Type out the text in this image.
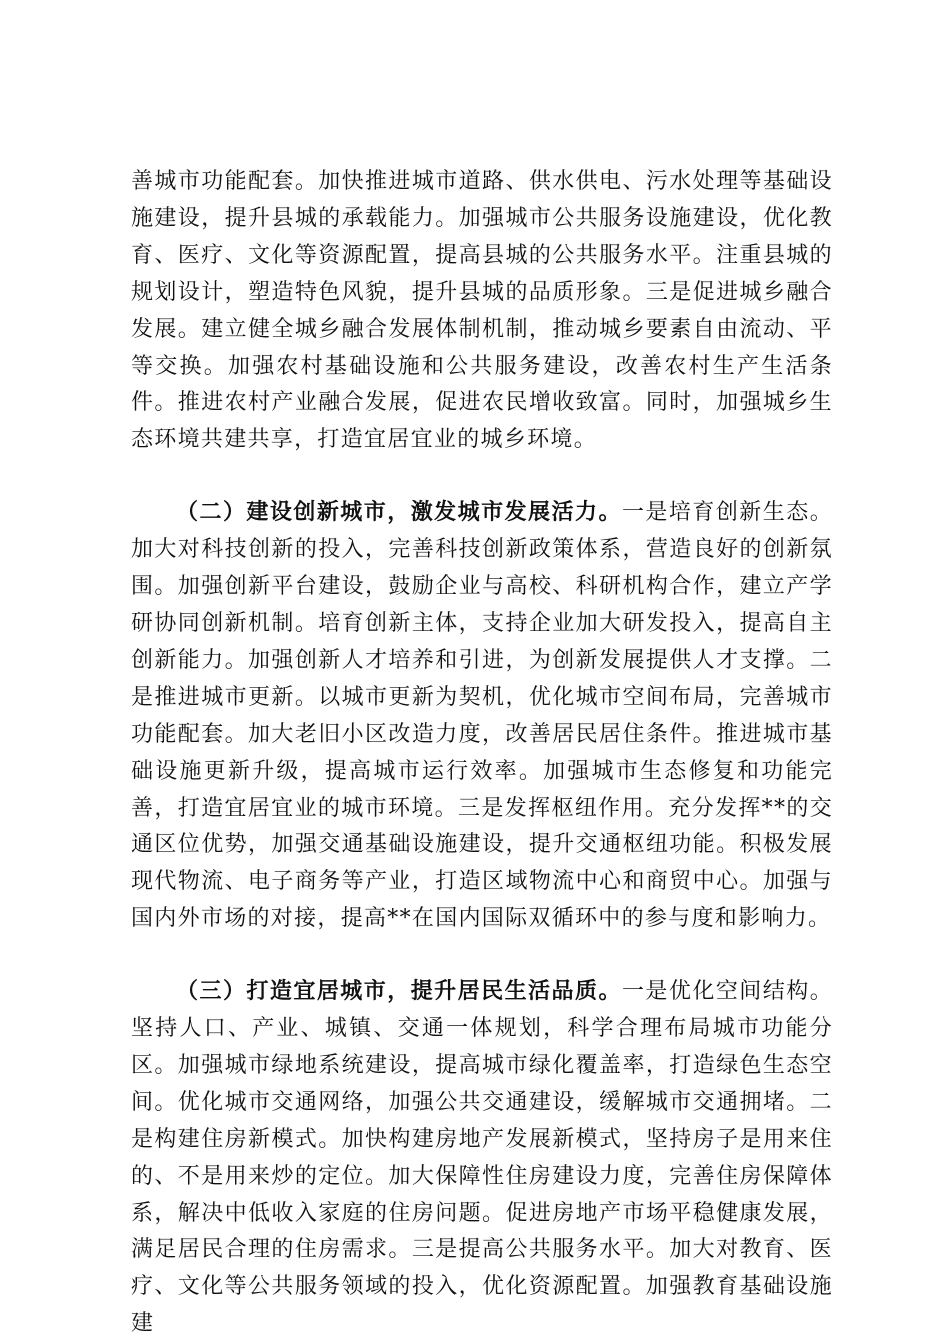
善城市功能配套。加快推进城市道路、供水供电、污水处理等基础设施建设，提升县城的承载能力。加强城市公共服务设施建设，优化教育、医疗、文化等资源配置，提高县城的公共服务水平。注重县城的规划设计，塑造特色风貌，提升县城的品质形象。三是促进城乡融合发展。建立健全城乡融合发展体制机制，推动城乡要素自由流动、平等交换。加强农村基础设施和公共服务建设，改善农村生产生活条件。推进农村产业融合发展，促进农民增收致富。同时，加强城乡生态环境共建共享，打造宜居宜业的城乡环境。

（二）建设创新城市，激发城市发展活力。一是培育创新生态。加大对科技创新的投入，完善科技创新政策体系，营造良好的创新氛围。加强创新平台建设，鼓励企业与高校、科研机构合作，建立产学研协同创新机制。培育创新主体，支持企业加大研发投入，提高自主创新能力。加强创新人才培养和引进，为创新发展提供人才支撑。二是推进城市更新。以城市更新为契机，优化城市空间布局，完善城市功能配套。加大老旧小区改造力度，改善居民居住条件。推进城市基础设施更新升级，提高城市运行效率。加强城市生态修复和功能完善，打造宜居宜业的城市环境。三是发挥枢纽作用。充分发挥**的交通区位优势，加强交通基础设施建设，提升交通枢纽功能。积极发展现代物流、电子商务等产业，打造区域物流中心和商贸中心。加强与国内外市场的对接，提高**在国内国际双循环中的参与度和影响力。

（三）打造宜居城市，提升居民生活品质。一是优化空间结构。坚持人口、产业、城镇、交通一体规划，科学合理布局城市功能分区。加强城市绿地系统建设，提高城市绿化覆盖率，打造绿色生态空间。优化城市交通网络，加强公共交通建设，缓解城市交通拥堵。二是构建住房新模式。加快构建房地产发展新模式，坚持房子是用来住的、不是用来炒的定位。加大保障性住房建设力度，完善住房保障体系，解决中低收入家庭的住房问题。促进房地产市场平稳健康发展，满足居民合理的住房需求。三是提高公共服务水平。加大对教育、医疗、文化等公共服务领域的投入，优化资源配置。加强教育基础设施建
